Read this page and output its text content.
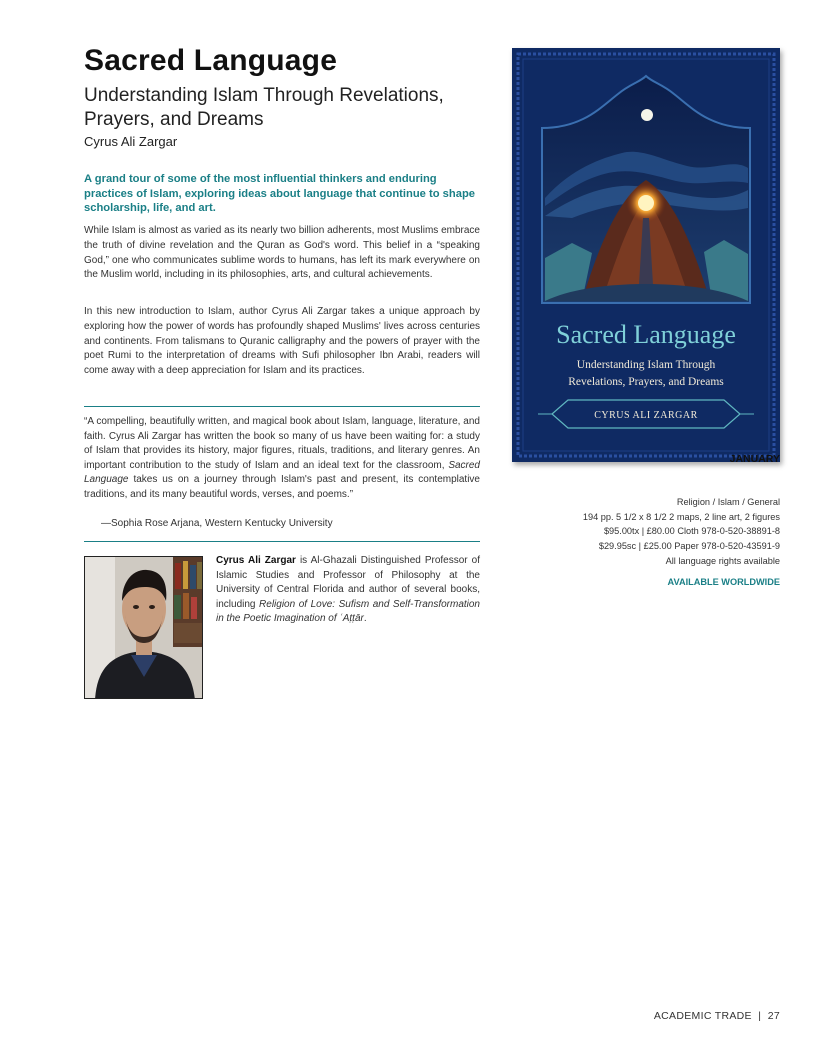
Sacred Language
Understanding Islam Through Revelations, Prayers, and Dreams
Cyrus Ali Zargar
A grand tour of some of the most influential thinkers and enduring practices of Islam, exploring ideas about language that continue to shape scholarship, life, and art.

While Islam is almost as varied as its nearly two billion adherents, most Muslims embrace the truth of divine revelation and the Quran as God's word. This belief in a “speaking God,” one who communicates sublime words to humans, has left its mark everywhere on the Muslim world, including in its philosophies, arts, and cultural achievements.

In this new introduction to Islam, author Cyrus Ali Zargar takes a unique approach by exploring how the power of words has profoundly shaped Muslims' lives across centuries and continents. From talismans to Quranic calligraphy and the powers of prayer with the poet Rumi to the interpretation of dreams with Sufi philosopher Ibn Arabi, readers will come away with a deep appreciation for Islam and its practices.

“A compelling, beautifully written, and magical book about Islam, language, literature, and faith. Cyrus Ali Zargar has written the book so many of us have been waiting for: a study of Islam that provides its history, major figures, rituals, traditions, and literary genres. An important contribution to the study of Islam and an ideal text for the classroom, Sacred Language takes us on a journey through Islam's past and present, its contemplative traditions, and its many beautiful words, verses, and poems.”
—Sophia Rose Arjana, Western Kentucky University
Cyrus Ali Zargar is Al-Ghazali Distinguished Professor of Islamic Studies and Professor of Philosophy at the University of Central Florida and author of several books, including Religion of Love: Sufism and Self-Transformation in the Poetic Imagination of ʿAṭṭār.
Sacred Language
Understanding Islam Through
Revelations, Prayers, and Dreams
CYRUS ALI ZARGAR
JANUARY
Religion / Islam / General
194 pp. 5 1/2 x 8 1/2 2 maps, 2 line art, 2 figures
$95.00tx | £80.00 Cloth 978-0-520-38891-8
$29.95sc | £25.00 Paper 978-0-520-43591-9
All language rights available
AVAILABLE WORLDWIDE
ACADEMIC TRADE  |  27
